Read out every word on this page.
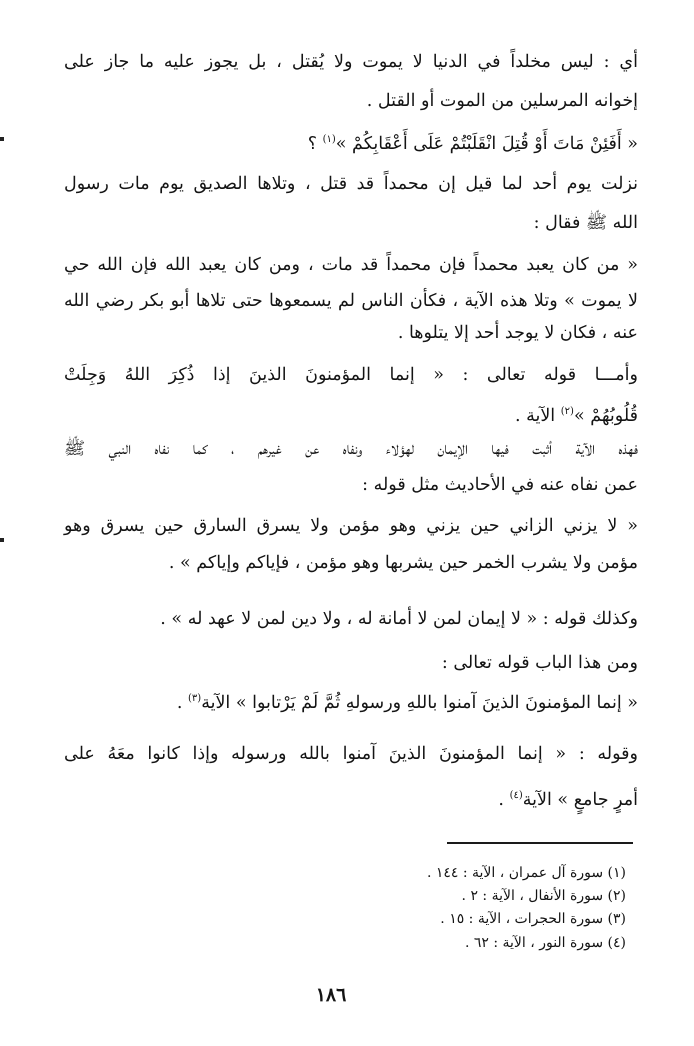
أي : ليس مخلداً في الدنيا لا يموت ولا يُقتل ، بل يجوز عليه ما جاز على
إخوانه المرسلين من الموت أو القتل .
« أَفَئِنْ مَاتَ أَوْ قُتِلَ انْقَلَبْتُمْ عَلَى أَعْقَابِكُمْ »$^{(١)}$ ؟
نزلت يوم أحد لما قيل إن محمداً قد قتل ، وتلاها الصديق يوم مات رسول
الله ﷺ فقال :
« من كان يعبد محمداً فإن محمداً قد مات ، ومن كان يعبد الله فإن الله حي
لا يموت » وتلا هذه الآية ، فكأن الناس لم يسمعوها حتى تلاها أبو بكر رضي الله
عنه ، فكان لا يوجد أحد إلا يتلوها .
وأمـــا قوله تعالى : « إنما المؤمنونَ الذينَ إذا ذُكِرَ اللهُ وَجِلَتْ
قُلُوبُهُمْ »$^{(٢)}$ الآية .
فهذه الآية أثبت فيها الإيمان لهؤلاء ونفاه عن غيرهم ، كما نفاه النبي ﷺ
عمن نفاه عنه في الأحاديث مثل قوله :
« لا يزني الزاني حين يزني وهو مؤمن ولا يسرق السارق حين يسرق وهو
مؤمن ولا يشرب الخمر حين يشربها وهو مؤمن ، فإياكم وإياكم » .
وكذلك قوله : « لا إيمان لمن لا أمانة له ، ولا دين لمن لا عهد له » .
ومن هذا الباب قوله تعالى :
« إنما المؤمنونَ الذينَ آمنوا باللهِ ورسولهِ ثُمَّ لَمْ يَرْتابوا » الآية$^{(٣)}$ .
وقوله : « إنما المؤمنونَ الذينَ آمنوا بالله ورسوله وإذا كانوا معَهُ على
أمرٍ جامعٍ » الآية$^{(٤)}$ .
(١) سورة آل عمران ، الآية : ١٤٤ .
(٢) سورة الأنفال ، الآية : ٢ .
(٣) سورة الحجرات ، الآية : ١٥ .
(٤) سورة النور ، الآية : ٦٢ .
١٨٦
